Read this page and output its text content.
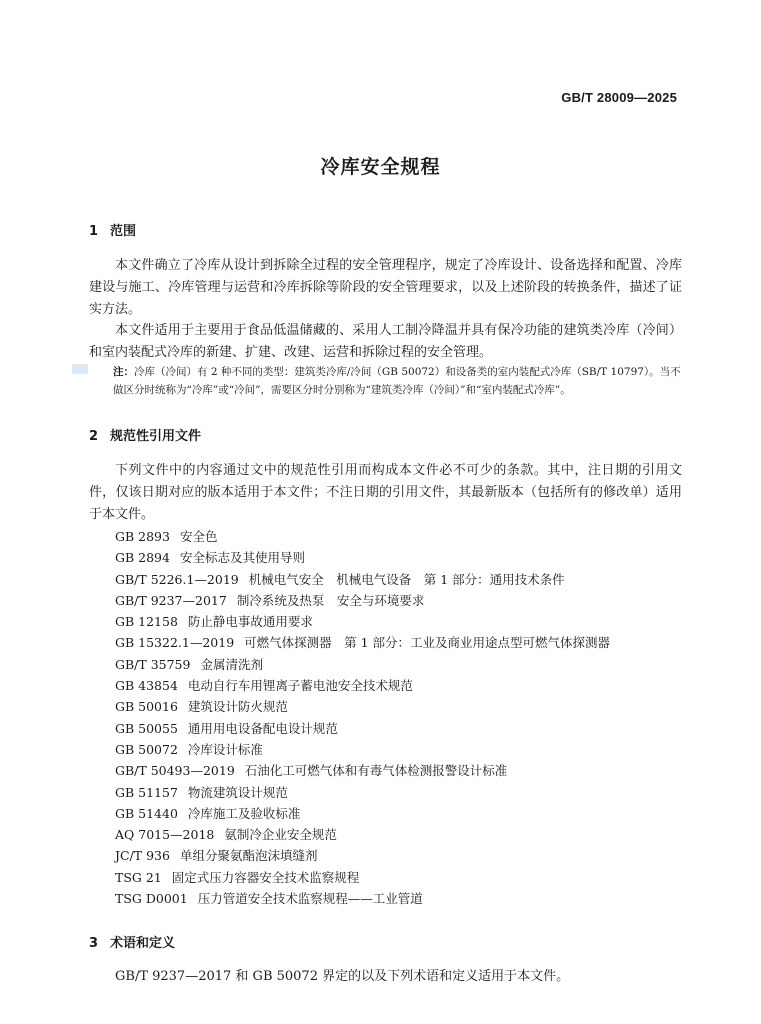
GB/T 28009—2025
冷库安全规程
1 范围

本文件确立了冷库从设计到拆除全过程的安全管理程序，规定了冷库设计、设备选择和配置、冷库建设与施工、冷库管理与运营和冷库拆除等阶段的安全管理要求，以及上述阶段的转换条件，描述了证实方法。

本文件适用于主要用于食品低温储藏的、采用人工制冷降温并具有保冷功能的建筑类冷库（冷间）和室内装配式冷库的新建、扩建、改建、运营和拆除过程的安全管理。

注：冷库（冷间）有 2 种不同的类型：建筑类冷库/冷间（GB 50072）和设备类的室内装配式冷库（SB/T 10797）。当不做区分时统称为“冷库”或“冷间”，需要区分时分别称为“建筑类冷库（冷间）”和“室内装配式冷库”。

2 规范性引用文件

下列文件中的内容通过文中的规范性引用而构成本文件必不可少的条款。其中，注日期的引用文件，仅该日期对应的版本适用于本文件；不注日期的引用文件，其最新版本（包括所有的修改单）适用于本文件。

GB 2893 安全色
GB 2894 安全标志及其使用导则
GB/T 5226.1—2019 机械电气安全　机械电气设备　第 1 部分：通用技术条件
GB/T 9237—2017 制冷系统及热泵　安全与环境要求
GB 12158 防止静电事故通用要求
GB 15322.1—2019 可燃气体探测器　第 1 部分：工业及商业用途点型可燃气体探测器
GB/T 35759 金属清洗剂
GB 43854 电动自行车用锂离子蓄电池安全技术规范
GB 50016 建筑设计防火规范
GB 50055 通用用电设备配电设计规范
GB 50072 冷库设计标准
GB/T 50493—2019 石油化工可燃气体和有毒气体检测报警设计标准
GB 51157 物流建筑设计规范
GB 51440 冷库施工及验收标准
AQ 7015—2018 氨制冷企业安全规范
JC/T 936 单组分聚氨酯泡沫填缝剂
TSG 21 固定式压力容器安全技术监察规程
TSG D0001 压力管道安全技术监察规程——工业管道
3 术语和定义

GB/T 9237—2017 和 GB 50072 界定的以及下列术语和定义适用于本文件。
